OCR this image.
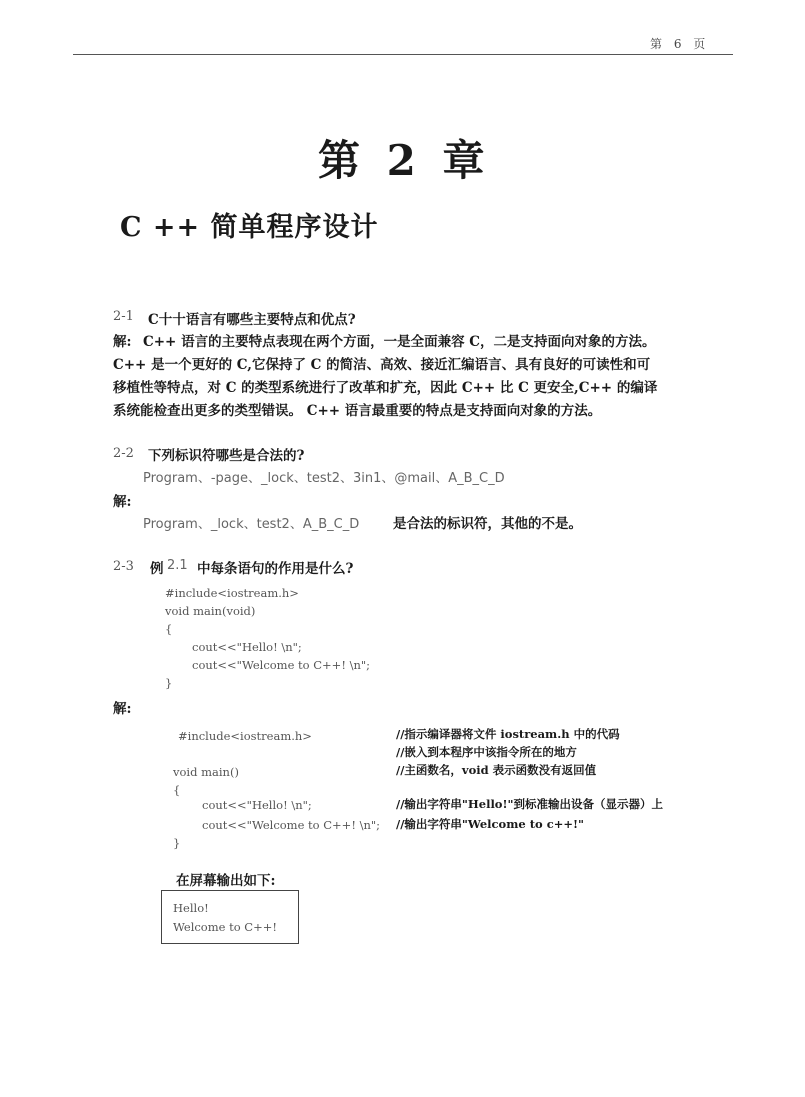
第 6 页
第 2 章
C ++ 简单程序设计
2-1 C十十语言有哪些主要特点和优点?
解: C++ 语言的主要特点表现在两个方面，一是全面兼容 C，二是支持面向对象的方法。
C++ 是一个更好的 C,它保持了 C 的简洁、高效、接近汇编语言、具有良好的可读性和可
移植性等特点，对 C 的类型系统进行了改革和扩充，因此 C++ 比 C 更安全,C++ 的编译
系统能检查出更多的类型错误。 C++ 语言最重要的特点是支持面向对象的方法。
2-2 下列标识符哪些是合法的?
Program、-page、_lock、test2、3in1、@mail、A_B_C_D
解:
Program、_lock、test2、A_B_C_D	是合法的标识符，其他的不是。
2-3 例 2.1 中每条语句的作用是什么?
#include<iostream.h>
void main(void)
{
cout<<"Hello! \n";
cout<<"Welcome to C++! \n";
}
解:
#include<iostream.h>	//指示编译器将文件 iostream.h 中的代码
//嵌入到本程序中该指令所在的地方
void main()	//主函数名，void 表示函数没有返回值
{
cout<<"Hello! \n";	//输出字符串"Hello!"到标准输出设备（显示器）上
cout<<"Welcome to C++! \n"; //输出字符串"Welcome to c++!"
}
在屏幕输出如下:
Hello!
Welcome to C++!
